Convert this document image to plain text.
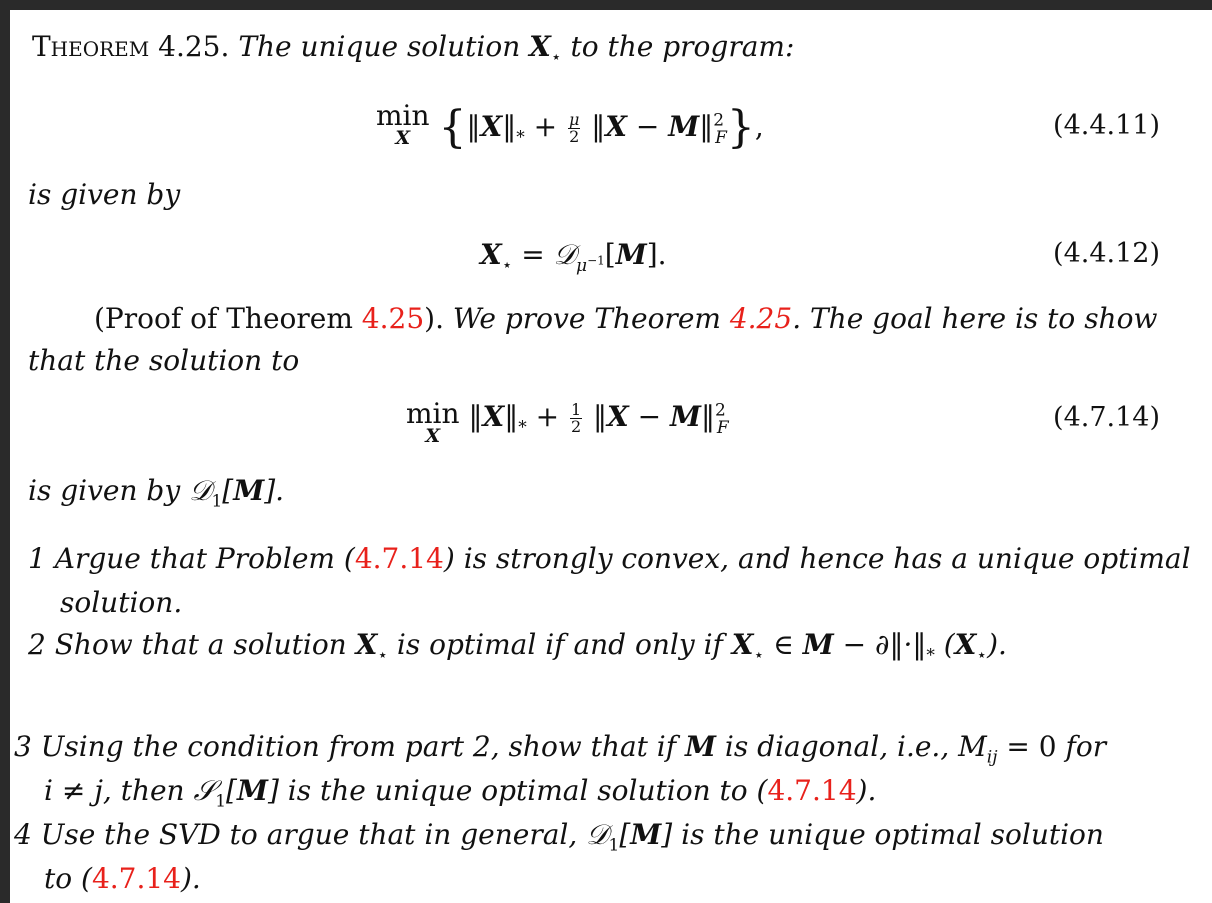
Theorem 4.25. The unique solution $X_⋆$ to the program:
min
X {$‖X‖_* + \frac{\mu}{2}$ ‖X − M‖$^2_F$},	(4.4.11)
is given by
$X_⋆$ = 𝒟$_{\mu^{-1}}$[M].	(4.4.12)
(Proof of Theorem 4.25). We prove Theorem 4.25. The goal here is to show
that the solution to
min
X
$‖X‖_* + \frac{1}{2}$ ‖X − M‖$^2_F$	(4.7.14)
is given by 𝒟$_1$[M].
1 Argue that Problem (4.7.14) is strongly convex, and hence has a unique optimal
solution.
2 Show that a solution $X_⋆$ is optimal if and only if $X_⋆$ ∈ $M - \partial‖\cdot‖_*$ $(X_⋆)$.
3 Using the condition from part 2, show that if M is diagonal, i.e., $M_{ij} = 0$ for
i ≠ j, then 𝒮$_1$[M] is the unique optimal solution to (4.7.14).
4 Use the SVD to argue that in general, 𝒟$_1$[M] is the unique optimal solution
to (4.7.14).
